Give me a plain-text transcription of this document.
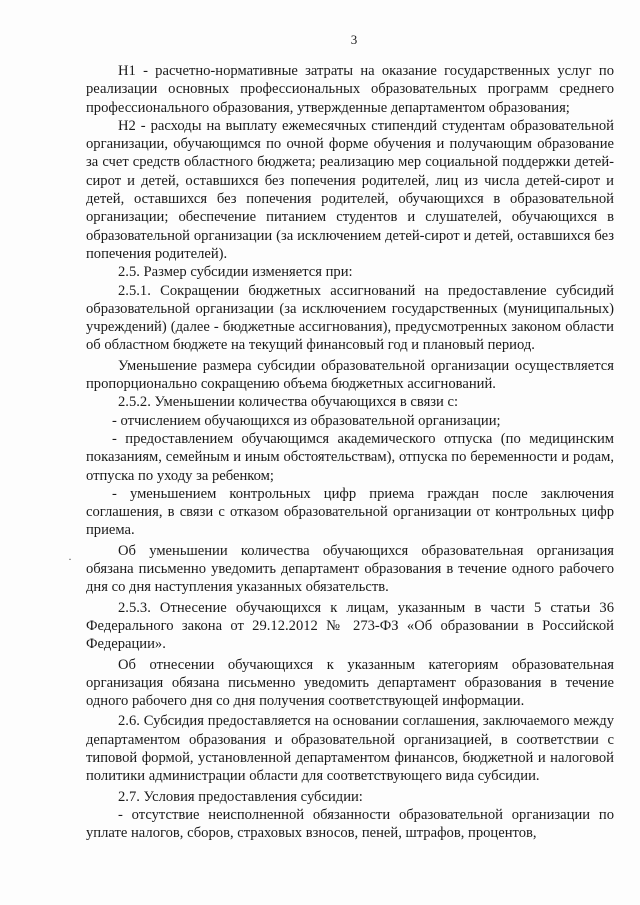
3

Н1 - расчетно-нормативные затраты на оказание государственных услуг по реализации основных профессиональных образовательных программ среднего профессионального образования, утвержденные департаментом образования;

Н2 - расходы на выплату ежемесячных стипендий студентам образовательной организации, обучающимся по очной форме обучения и получающим образование за счет средств областного бюджета; реализацию мер социальной поддержки детей-сирот и детей, оставшихся без попечения родителей, лиц из числа детей-сирот и детей, оставшихся без попечения родителей, обучающихся в образовательной организации; обеспечение питанием студентов и слушателей, обучающихся в образовательной организации (за исключением детей-сирот и детей, оставшихся без попечения родителей).

2.5. Размер субсидии изменяется при:

2.5.1. Сокращении бюджетных ассигнований на предоставление субсидий образовательной организации (за исключением государственных (муниципальных) учреждений) (далее - бюджетные ассигнования), предусмотренных законом области об областном бюджете на текущий финансовый год и плановый период.

Уменьшение размера субсидии образовательной организации осуществляется пропорционально сокращению объема бюджетных ассигнований.

2.5.2. Уменьшении количества обучающихся в связи с:

- отчислением обучающихся из образовательной организации;

- предоставлением обучающимся академического отпуска (по медицинским показаниям, семейным и иным обстоятельствам), отпуска по беременности и родам, отпуска по уходу за ребенком;

- уменьшением контрольных цифр приема граждан после заключения соглашения, в связи с отказом образовательной организации от контрольных цифр приема.

Об уменьшении количества обучающихся образовательная организация обязана письменно уведомить департамент образования в течение одного рабочего дня со дня наступления указанных обязательств.

2.5.3. Отнесение обучающихся к лицам, указанным в части 5 статьи 36 Федерального закона от 29.12.2012 № 273-ФЗ «Об образовании в Российской Федерации».

Об отнесении обучающихся к указанным категориям образовательная организация обязана письменно уведомить департамент образования в течение одного рабочего дня со дня получения соответствующей информации.

2.6. Субсидия предоставляется на основании соглашения, заключаемого между департаментом образования и образовательной организацией, в соответствии с типовой формой, установленной департаментом финансов, бюджетной и налоговой политики администрации области для соответствующего вида субсидии.

2.7. Условия предоставления субсидии:

- отсутствие неисполненной обязанности образовательной организации по уплате налогов, сборов, страховых взносов, пеней, штрафов, процентов,

·
